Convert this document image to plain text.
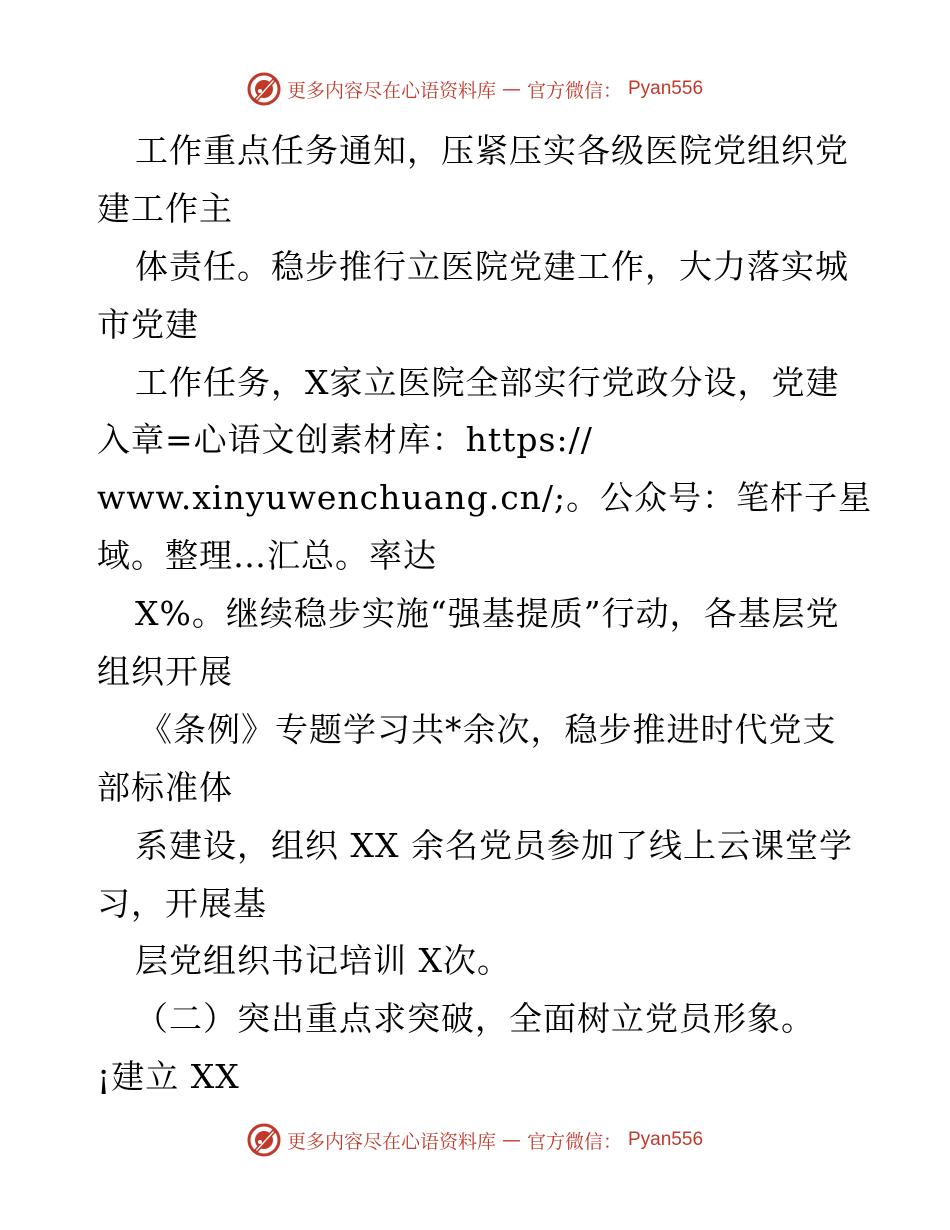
更多内容尽在心语资料库 — 官方微信： Pyan556
工作重点任务通知，压紧压实各级医院党组织党
建工作主
体责任。稳步推行立医院党建工作，大力落实城
市党建
工作任务，X家立医院全部实行党政分设，党建
入章=心语文创素材库：https://
www.xinyuwenchuang.cn/;。公众号：笔杆子星
域。整理…汇总。率达
X%。继续稳步实施“强基提质”行动，各基层党
组织开展
《条例》专题学习共*余次，稳步推进时代党支
部标准体
系建设，组织 XX 余名党员参加了线上云课堂学
习，开展基
层党组织书记培训 X次。
（二）突出重点求突破，全面树立党员形象。
¡建立 XX
更多内容尽在心语资料库 — 官方微信： Pyan556
